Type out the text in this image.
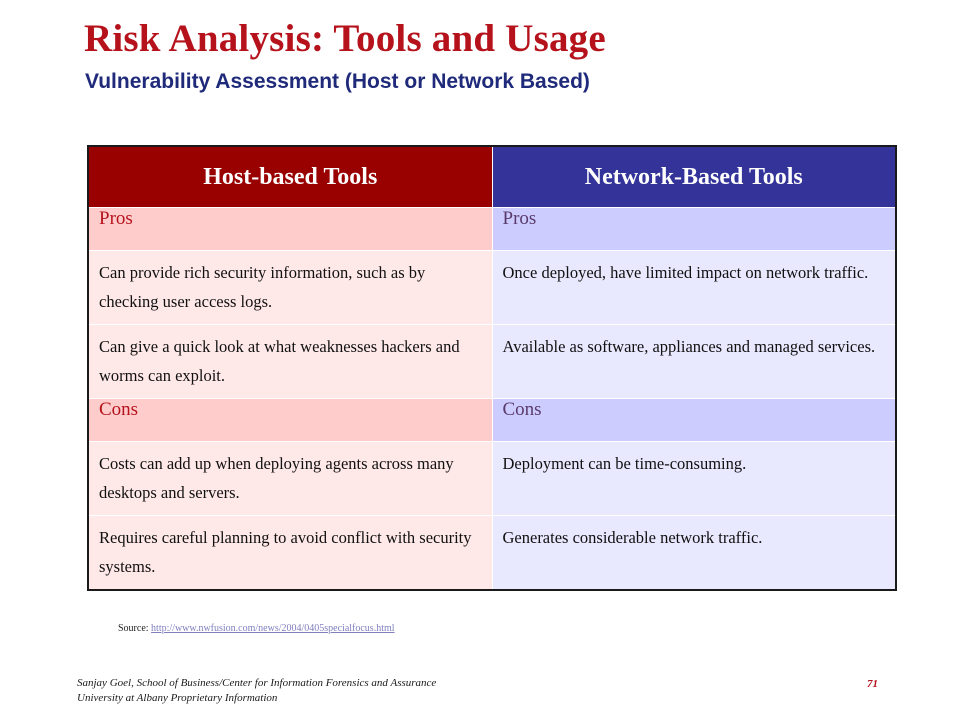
Risk Analysis: Tools and Usage
Vulnerability Assessment (Host or Network Based)
Host-based Tools	Network-Based Tools
Pros	Pros
Can provide rich security information, such as by checking user access logs.	Once deployed, have limited impact on network traffic.
Can give a quick look at what weaknesses hackers and worms can exploit.	Available as software, appliances and managed services.
Cons	Cons
Costs can add up when deploying agents across many desktops and servers.	Deployment can be time-consuming.
Requires careful planning to avoid conflict with security systems.	Generates considerable network traffic.
Source: http://www.nwfusion.com/news/2004/0405specialfocus.html
Sanjay Goel, School of Business/Center for Information Forensics and Assurance
University at Albany Proprietary Information
71
